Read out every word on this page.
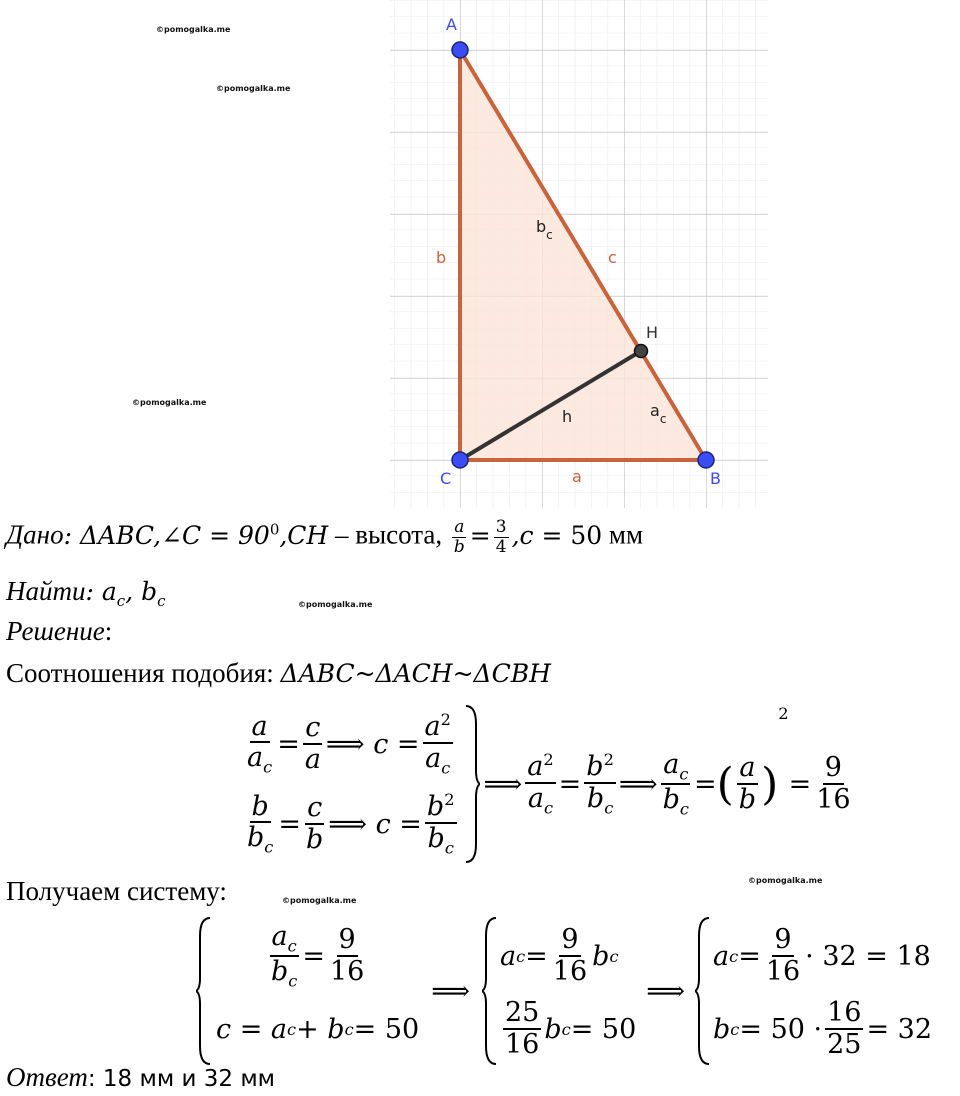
©pomogalka.me
©pomogalka.me
©pomogalka.me
©pomogalka.me
©pomogalka.me
©pomogalka.me
A
C	B
H
b
a
c
h
$b_c$
$a_c$
Дано: ΔABC,∠C = $90^0,CH$ – высота, $\frac{a}{b} = \frac{3}{4} ,c = 50$ мм
Найти: $a_c$, $b_c$
Решение:
Соотношения подобия: ΔABC~ΔACH~ΔCBH
$\frac{a}{a_c} = \frac{c}{a}$ ⟹ $c = \frac{a^2}{a_c}$
$\frac{b}{b_c} = \frac{c}{b}$ ⟹ $c = \frac{b^2}{b_c}$
⟹ $\frac{a^2}{a_c} = \frac{b^2}{b_c}$ ⟹ $\frac{a_c}{b_c}$ = ( $\frac{a}{b}$ )
2
= $\frac{9}{16}$
Получаем систему:
$\frac{a_c}{b_c} = \frac{9}{16}$
c = a c + b c = 50
⟹
a $c = \frac{9}{16}$ b c
$\frac{25}{16}$ b c = 50
⟹
a $c = \frac{9}{16} \cdot 32 = 18$
b $c = 50 \cdot \frac{16}{25} = 32$
Ответ: 18 мм и 32 мм
